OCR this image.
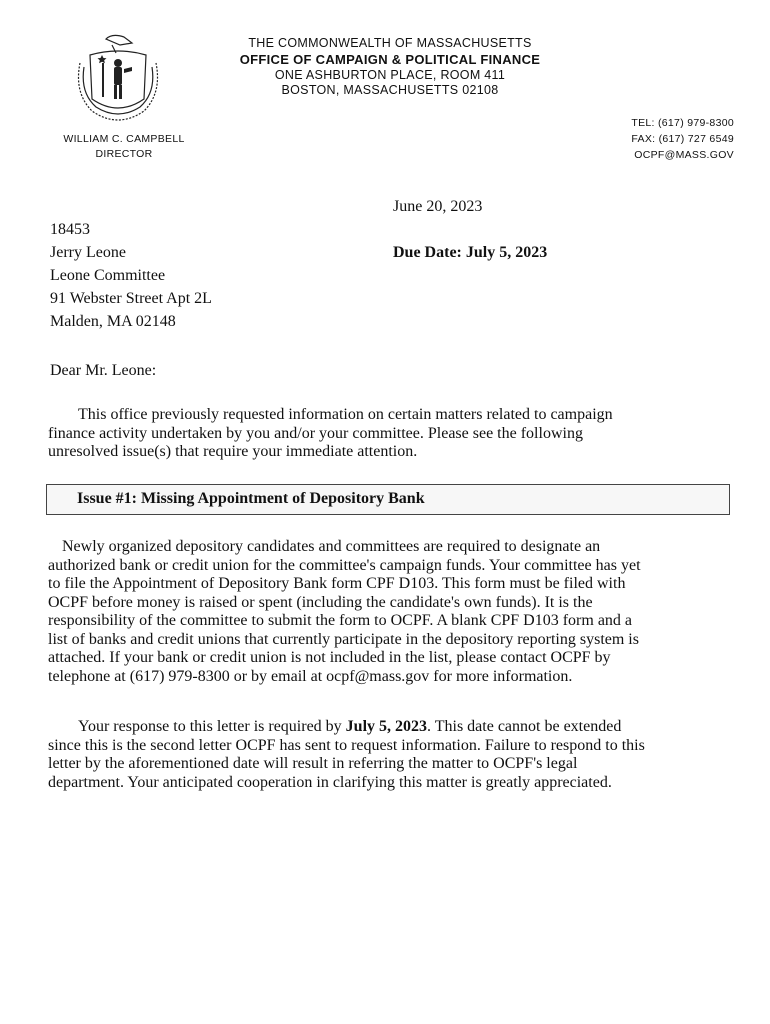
THE COMMONWEALTH OF MASSACHUSETTS
OFFICE OF CAMPAIGN & POLITICAL FINANCE
ONE ASHBURTON PLACE, ROOM 411
BOSTON, MASSACHUSETTS 02108
WILLIAM C. CAMPBELL
DIRECTOR
TEL: (617) 979-8300
FAX: (617) 727 6549
OCPF@MASS.GOV
June 20, 2023
Due Date: July 5, 2023
18453
Jerry Leone
Leone Committee
91 Webster Street Apt 2L
Malden, MA 02148
Dear Mr. Leone:
This office previously requested information on certain matters related to campaign
finance activity undertaken by you and/or your committee. Please see the following
unresolved issue(s) that require your immediate attention.
Issue #1: Missing Appointment of Depository Bank
Newly organized depository candidates and committees are required to designate an
authorized bank or credit union for the committee's campaign funds. Your committee has yet
to file the Appointment of Depository Bank form CPF D103. This form must be filed with
OCPF before money is raised or spent (including the candidate's own funds). It is the
responsibility of the committee to submit the form to OCPF. A blank CPF D103 form and a
list of banks and credit unions that currently participate in the depository reporting system is
attached. If your bank or credit union is not included in the list, please contact OCPF by
telephone at (617) 979-8300 or by email at ocpf@mass.gov for more information.
Your response to this letter is required by July 5, 2023. This date cannot be extended
since this is the second letter OCPF has sent to request information. Failure to respond to this
letter by the aforementioned date will result in referring the matter to OCPF's legal
department. Your anticipated cooperation in clarifying this matter is greatly appreciated.
